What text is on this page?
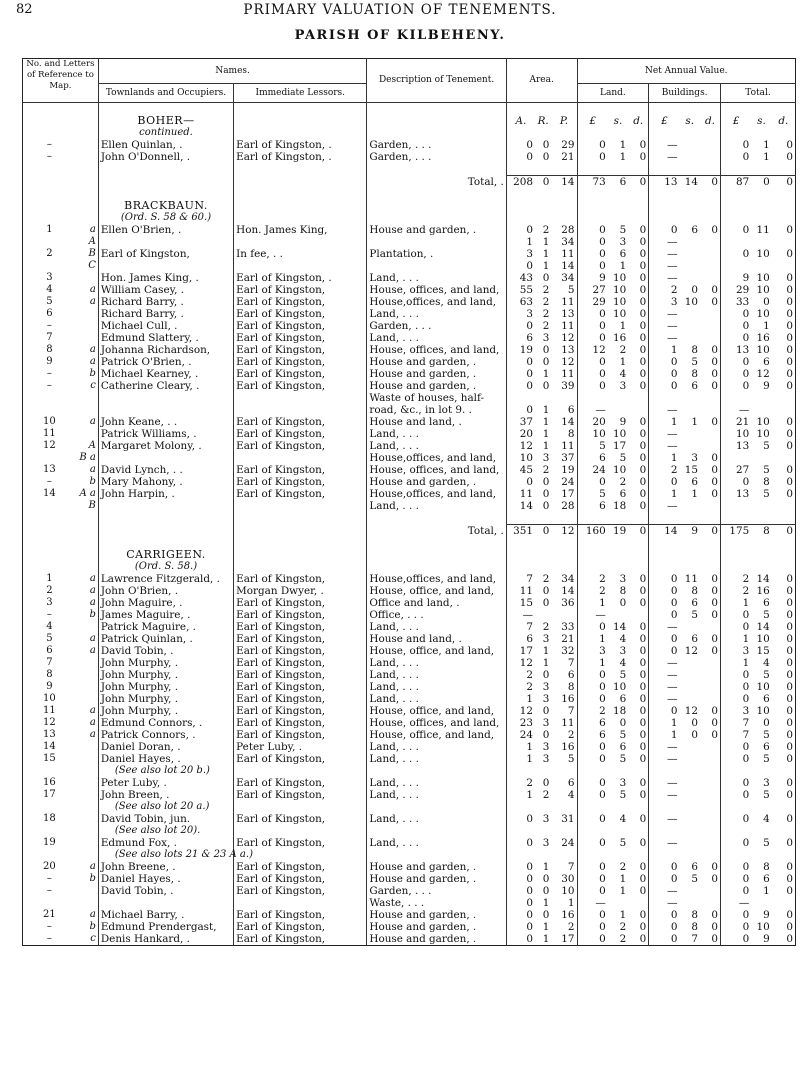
82	PRIMARY VALUATION OF TENEMENTS.
PARISH OF KILBEHENY.
No. and Letters of Reference to Map.		Names.		Description of Tenement.	Area.			Net Annual Value.								
		Townlands and Occupiers.	Immediate Lessors.					Land.			Buildings.			Total.		

		BOHER—			A.	R.	P.	£	s.	d.	£	s.	d.	£	s.	d.
		continued.														
–		Ellen Quinlan, .	Earl of Kingston, .	Garden, . . .	0	0	29	0	1	0	—			0	1	0
–		John O'Donnell, .	Earl of Kingston, .	Garden, . . .	0	0	21	0	1	0	—			0	1	0

				Total, .	208	0	14	73	6	0	13	14	0	87	0	0

		BRACKBAUN.														
		(Ord. S. 58 & 60.)														
1	a	Ellen O'Brien, .	Hon. James King,	House and garden, .	0	2	28	0	5	0	0	6	0	0	11	0
	A				1	1	34	0	3	0	—					
2	B	Earl of Kingston,	In fee, . .	Plantation, .	3	1	11	0	6	0	—			0	10	0
	C				0	1	14	0	1	0	—					
3		Hon. James King, .	Earl of Kingston, .	Land, . . .	43	0	34	9	10	0	—			9	10	0
4	a	William Casey, .	Earl of Kingston,	House, offices, and land,	55	2	5	27	10	0	2	0	0	29	10	0
5	a	Richard Barry, .	Earl of Kingston,	House,offices, and land,	63	2	11	29	10	0	3	10	0	33	0	0
6		Richard Barry, .	Earl of Kingston,	Land, . . .	3	2	13	0	10	0	—			0	10	0
–		Michael Cull, .	Earl of Kingston,	Garden, . . .	0	2	11	0	1	0	—			0	1	0
7		Edmund Slattery, .	Earl of Kingston,	Land, . . .	6	3	12	0	16	0	—			0	16	0
8	a	Johanna Richardson,	Earl of Kingston,	House, offices, and land,	19	0	13	12	2	0	1	8	0	13	10	0
9	a	Patrick O'Brien, .	Earl of Kingston,	House and garden, .	0	0	12	0	1	0	0	5	0	0	6	0
–	b	Michael Kearney, .	Earl of Kingston,	House and garden, .	0	1	11	0	4	0	0	8	0	0	12	0
–	c	Catherine Cleary, .	Earl of Kingston,	House and garden, .	0	0	39	0	3	0	0	6	0	0	9	0
				Waste of houses, half-												
				road, &c., in lot 9. .	0	1	6	—			—			—		
10	a	John Keane, . .	Earl of Kingston,	House and land, .	37	1	14	20	9	0	1	1	0	21	10	0
11		Patrick Williams, .	Earl of Kingston,	Land, . . .	20	1	8	10	10	0	—			10	10	0
12	A	Margaret Molony, .	Earl of Kingston,	Land, . . .	12	1	11	5	17	0	—			13	5	0
	B a			House,offices, and land,	10	3	37	6	5	0	1	3	0			
13	a	David Lynch, . .	Earl of Kingston,	House, offices, and land,	45	2	19	24	10	0	2	15	0	27	5	0
–	b	Mary Mahony, .	Earl of Kingston,	House and garden, .	0	0	24	0	2	0	0	6	0	0	8	0
14	A a	John Harpin, .	Earl of Kingston,	House,offices, and land,	11	0	17	5	6	0	1	1	0	13	5	0
	B			Land, . . .	14	0	28	6	18	0	—					

				Total, .	351	0	12	160	19	0	14	9	0	175	8	0

		CARRIGEEN.														
		(Ord. S. 58.)														
1	a	Lawrence Fitzgerald, .	Earl of Kingston,	House,offices, and land,	7	2	34	2	3	0	0	11	0	2	14	0
2	a	John O'Brien, .	Morgan Dwyer, .	House, office, and land,	11	0	14	2	8	0	0	8	0	2	16	0
3	a	John Maguire, .	Earl of Kingston,	Office and land, .	15	0	36	1	0	0	0	6	0	1	6	0
–	b	James Maguire, .	Earl of Kingston,	Office, . . .	—			—			0	5	0	0	5	0
4		Patrick Maguire, .	Earl of Kingston,	Land, . . .	7	2	33	0	14	0	—			0	14	0
5	a	Patrick Quinlan, .	Earl of Kingston,	House and land, .	6	3	21	1	4	0	0	6	0	1	10	0
6	a	David Tobin, .	Earl of Kingston,	House, office, and land,	17	1	32	3	3	0	0	12	0	3	15	0
7		John Murphy, .	Earl of Kingston,	Land, . . .	12	1	7	1	4	0	—			1	4	0
8		John Murphy, .	Earl of Kingston,	Land, . . .	2	0	6	0	5	0	—			0	5	0
9		John Murphy, .	Earl of Kingston,	Land, . . .	2	3	8	0	10	0	—			0	10	0
10		John Murphy, .	Earl of Kingston,	Land, . . .	1	3	16	0	6	0	—			0	6	0
11	a	John Murphy, .	Earl of Kingston,	House, office, and land,	12	0	7	2	18	0	0	12	0	3	10	0
12	a	Edmund Connors, .	Earl of Kingston,	House, offices, and land,	23	3	11	6	0	0	1	0	0	7	0	0
13	a	Patrick Connors, .	Earl of Kingston,	House, office, and land,	24	0	2	6	5	0	1	0	0	7	5	0
14		Daniel Doran, .	Peter Luby, .	Land, . . .	1	3	16	0	6	0	—			0	6	0
15		Daniel Hayes, .	Earl of Kingston,	Land, . . .	1	3	5	0	5	0	—			0	5	0
		(See also lot 20 b.)														
16		Peter Luby, .	Earl of Kingston,	Land, . . .	2	0	6	0	3	0	—			0	3	0
17		John Breen, .	Earl of Kingston,	Land, . . .	1	2	4	0	5	0	—			0	5	0
		(See also lot 20 a.)														
18		David Tobin, jun.	Earl of Kingston,	Land, . . .	0	3	31	0	4	0	—			0	4	0
		(See also lot 20).														
19		Edmund Fox, .	Earl of Kingston,	Land, . . .	0	3	24	0	5	0	—			0	5	0
		(See also lots 21 & 23 A a.)														
20	a	John Breene, .	Earl of Kingston,	House and garden, .	0	1	7	0	2	0	0	6	0	0	8	0
–	b	Daniel Hayes, .	Earl of Kingston,	House and garden, .	0	0	30	0	1	0	0	5	0	0	6	0
–		David Tobin, .	Earl of Kingston,	Garden, . . .	0	0	10	0	1	0	—			0	1	0
				Waste, . . .	0	1	1	—			—			—		
21	a	Michael Barry, .	Earl of Kingston,	House and garden, .	0	0	16	0	1	0	0	8	0	0	9	0
–	b	Edmund Prendergast,	Earl of Kingston,	House and garden, .	0	1	2	0	2	0	0	8	0	0	10	0
–	c	Denis Hankard, .	Earl of Kingston,	House and garden, .	0	1	17	0	2	0	0	7	0	0	9	0
